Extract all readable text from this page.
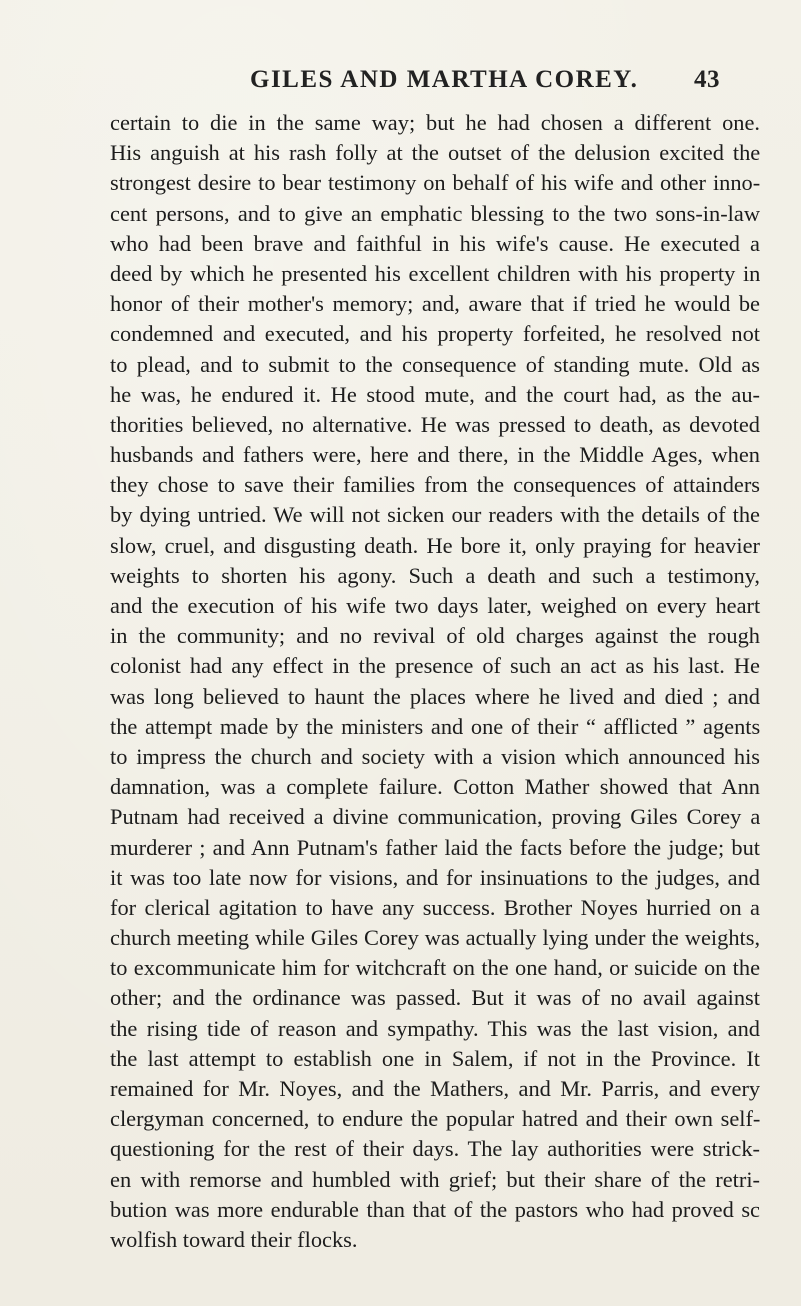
GILES AND MARTHA COREY.	43
certain to die in the same way; but he had chosen a different one.
His anguish at his rash folly at the outset of the delusion excited the
strongest desire to bear testimony on behalf of his wife and other inno-
cent persons, and to give an emphatic blessing to the two sons-in-law
who had been brave and faithful in his wife's cause. He executed a
deed by which he presented his excellent children with his property in
honor of their mother's memory; and, aware that if tried he would be
condemned and executed, and his property forfeited, he resolved not
to plead, and to submit to the consequence of standing mute. Old as
he was, he endured it. He stood mute, and the court had, as the au-
thorities believed, no alternative. He was pressed to death, as devoted
husbands and fathers were, here and there, in the Middle Ages, when
they chose to save their families from the consequences of attainders
by dying untried. We will not sicken our readers with the details of the
slow, cruel, and disgusting death. He bore it, only praying for heavier
weights to shorten his agony. Such a death and such a testimony,
and the execution of his wife two days later, weighed on every heart
in the community; and no revival of old charges against the rough
colonist had any effect in the presence of such an act as his last. He
was long believed to haunt the places where he lived and died ; and
the attempt made by the ministers and one of their “ afflicted ” agents
to impress the church and society with a vision which announced his
damnation, was a complete failure. Cotton Mather showed that Ann
Putnam had received a divine communication, proving Giles Corey a
murderer ; and Ann Putnam's father laid the facts before the judge; but
it was too late now for visions, and for insinuations to the judges, and
for clerical agitation to have any success. Brother Noyes hurried on a
church meeting while Giles Corey was actually lying under the weights,
to excommunicate him for witchcraft on the one hand, or suicide on the
other; and the ordinance was passed. But it was of no avail against
the rising tide of reason and sympathy. This was the last vision, and
the last attempt to establish one in Salem, if not in the Province. It
remained for Mr. Noyes, and the Mathers, and Mr. Parris, and every
clergyman concerned, to endure the popular hatred and their own self-
questioning for the rest of their days. The lay authorities were strick-
en with remorse and humbled with grief; but their share of the retri-
bution was more endurable than that of the pastors who had proved sc
wolfish toward their flocks.
